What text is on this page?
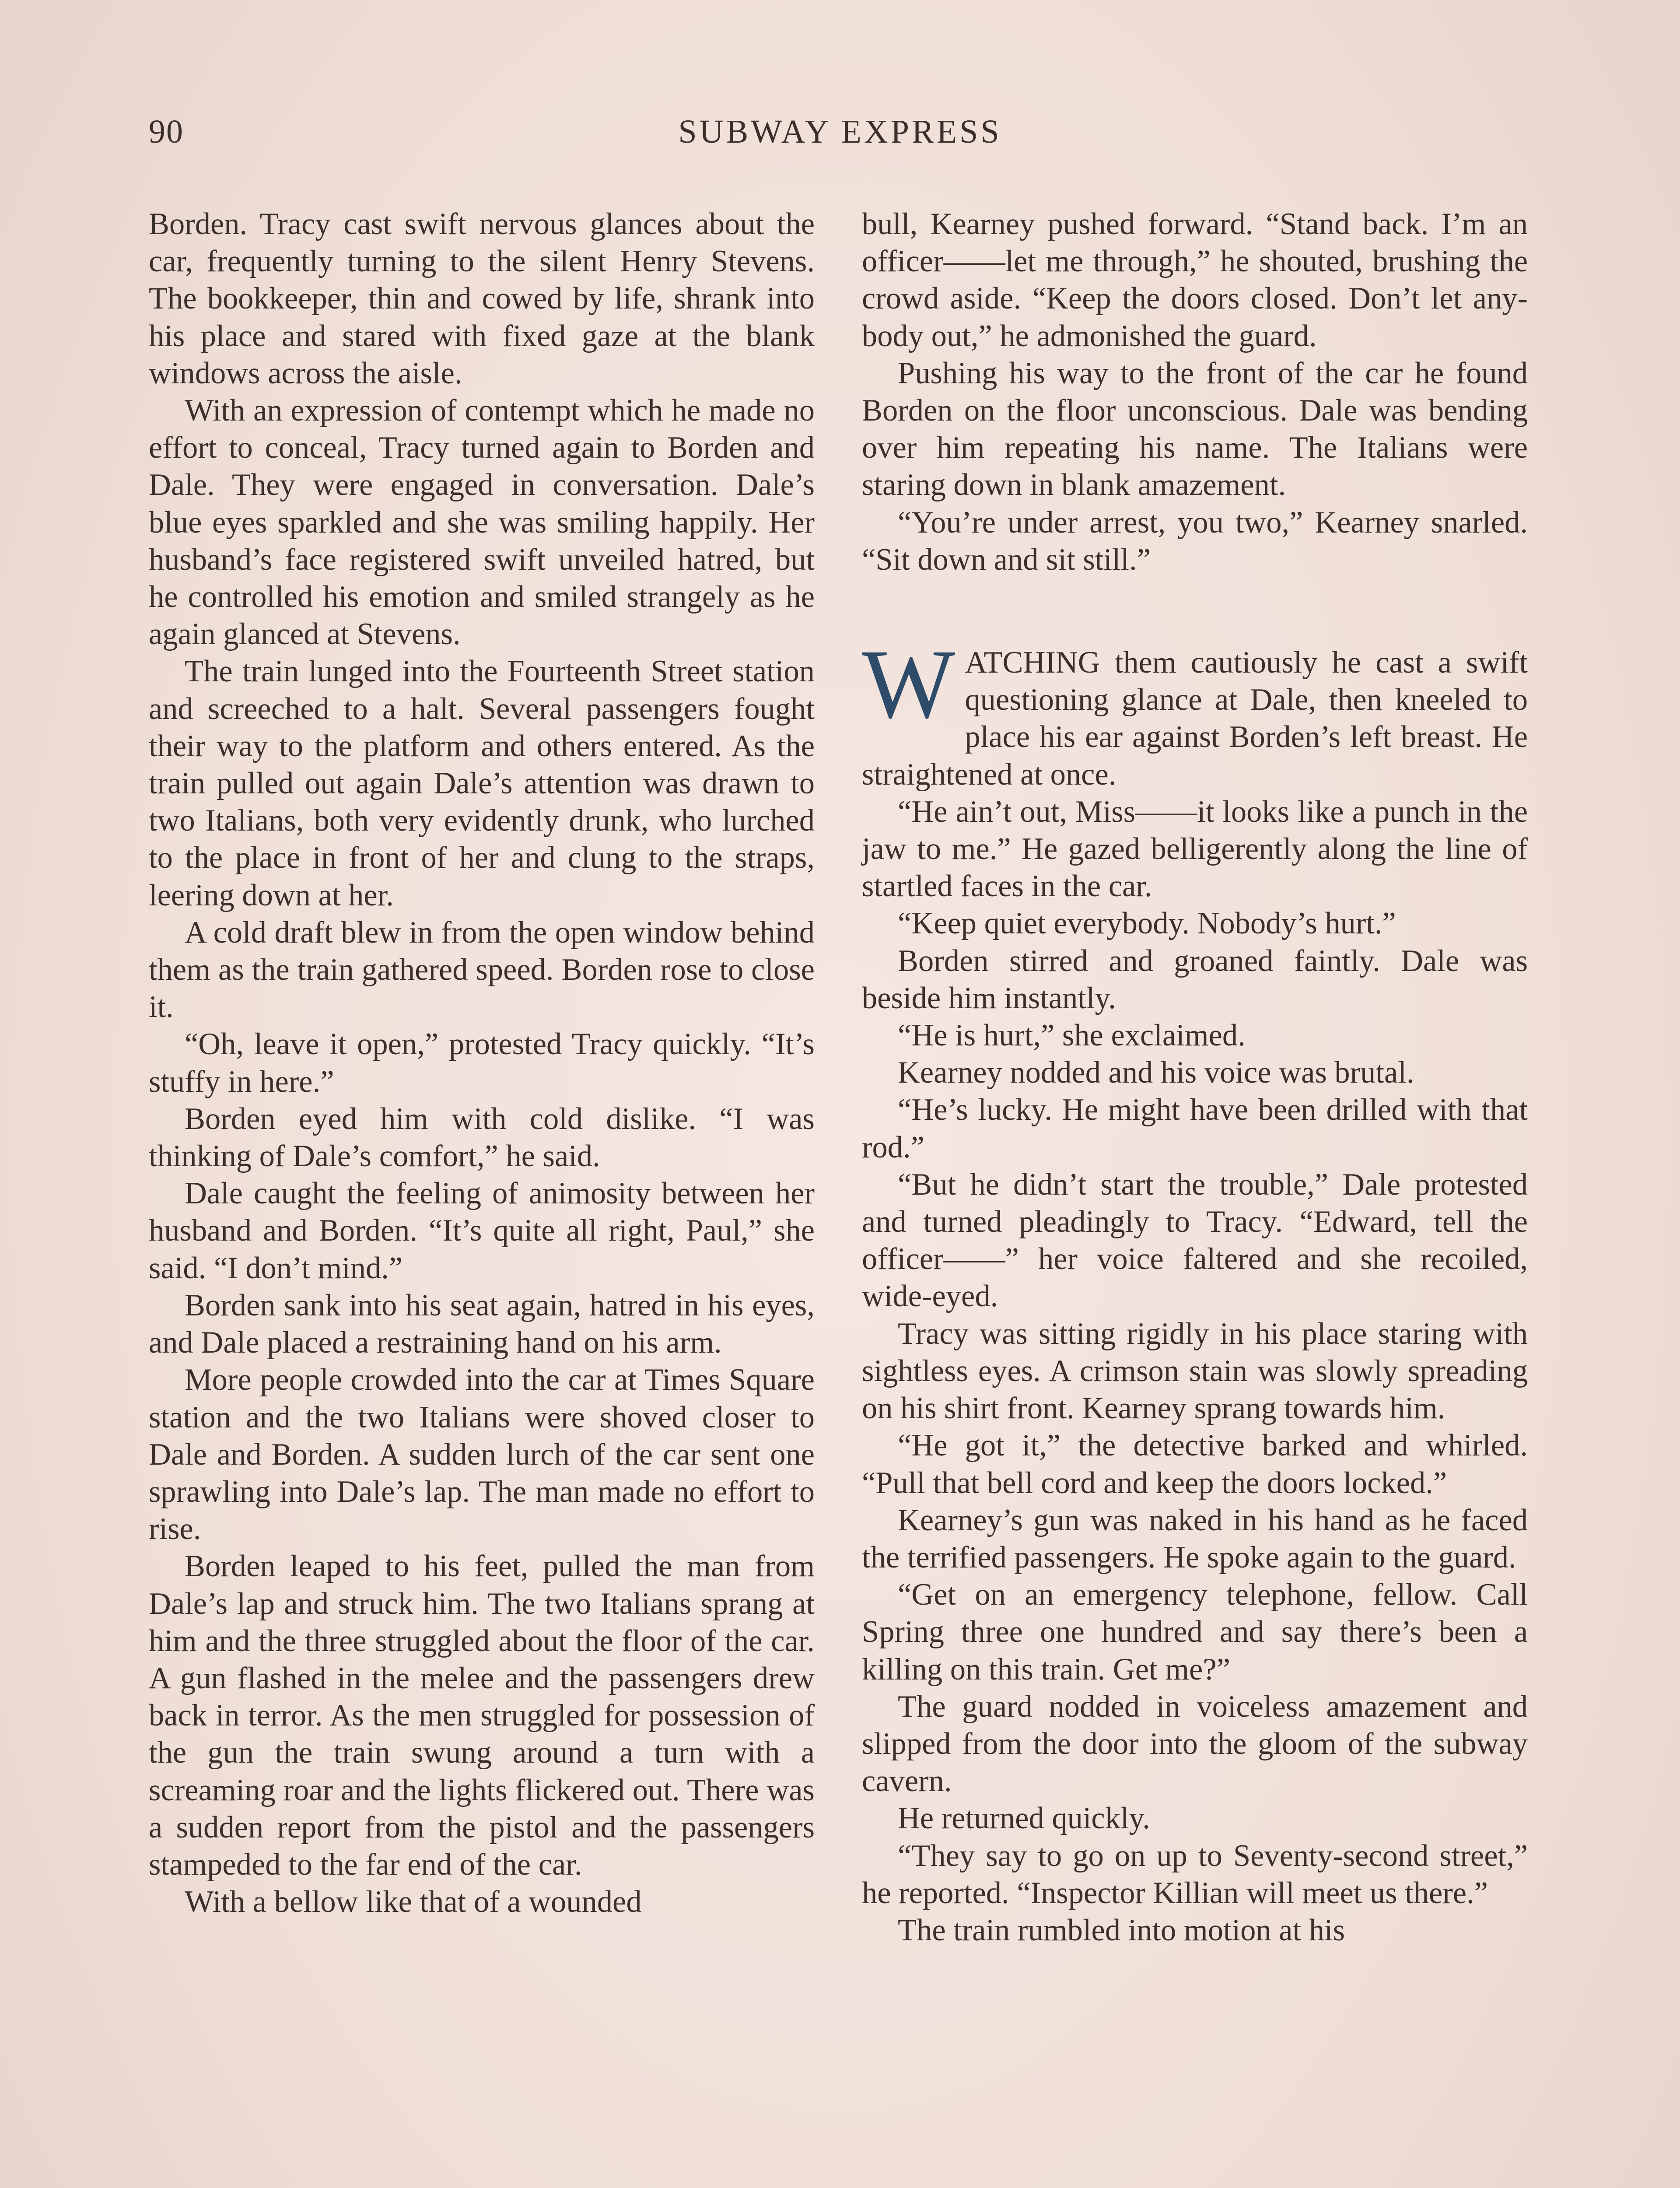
90	SUBWAY EXPRESS

Borden. Tracy cast swift nervous glances about the car, frequently turning to the silent Henry Stevens. The bookkeeper, thin and cowed by life, shrank into his place and stared with fixed gaze at the blank windows across the aisle.

With an expression of contempt which he made no effort to conceal, Tracy turned again to Borden and Dale. They were engaged in conversation. Dale’s blue eyes sparkled and she was smiling happily. Her husband’s face registered swift unveiled hatred, but he controlled his emotion and smiled strangely as he again glanced at Stevens.

The train lunged into the Fourteenth Street station and screeched to a halt. Several passengers fought their way to the platform and others entered. As the train pulled out again Dale’s attention was drawn to two Italians, both very evidently drunk, who lurched to the place in front of her and clung to the straps, leering down at her.

A cold draft blew in from the open window behind them as the train gathered speed. Borden rose to close it.

“Oh, leave it open,” protested Tracy quickly. “It’s stuffy in here.”

Borden eyed him with cold dislike. “I was thinking of Dale’s comfort,” he said.

Dale caught the feeling of animosity between her husband and Borden. “It’s quite all right, Paul,” she said. “I don’t mind.”

Borden sank into his seat again, hatred in his eyes, and Dale placed a restraining hand on his arm.

More people crowded into the car at Times Square station and the two Italians were shoved closer to Dale and Borden. A sudden lurch of the car sent one sprawling into Dale’s lap. The man made no effort to rise.

Borden leaped to his feet, pulled the man from Dale’s lap and struck him. The two Italians sprang at him and the three struggled about the floor of the car. A gun flashed in the melee and the passengers drew back in terror. As the men struggled for possession of the gun the train swung around a turn with a screaming roar and the lights flickered out. There was a sudden report from the pistol and the passengers stampeded to the far end of the car.

With a bellow like that of a wounded

bull, Kearney pushed forward. “Stand back. I’m an officer——let me through,” he shouted, brushing the crowd aside. “Keep the doors closed. Don’t let anybody out,” he admonished the guard.

Pushing his way to the front of the car he found Borden on the floor unconscious. Dale was bending over him repeating his name. The Italians were staring down in blank amazement.

“You’re under arrest, you two,” Kearney snarled. “Sit down and sit still.”

WATCHING them cautiously he cast a swift questioning glance at Dale, then kneeled to place his ear against Borden’s left breast. He straightened at once.

“He ain’t out, Miss——it looks like a punch in the jaw to me.” He gazed belligerently along the line of startled faces in the car.

“Keep quiet everybody. Nobody’s hurt.”

Borden stirred and groaned faintly. Dale was beside him instantly.

“He is hurt,” she exclaimed.

Kearney nodded and his voice was brutal.

“He’s lucky. He might have been drilled with that rod.”

“But he didn’t start the trouble,” Dale protested and turned pleadingly to Tracy. “Edward, tell the officer——” her voice faltered and she recoiled, wide-eyed.

Tracy was sitting rigidly in his place staring with sightless eyes. A crimson stain was slowly spreading on his shirt front. Kearney sprang towards him.

“He got it,” the detective barked and whirled. “Pull that bell cord and keep the doors locked.”

Kearney’s gun was naked in his hand as he faced the terrified passengers. He spoke again to the guard.

“Get on an emergency telephone, fellow. Call Spring three one hundred and say there’s been a killing on this train. Get me?”

The guard nodded in voiceless amazement and slipped from the door into the gloom of the subway cavern.

He returned quickly.

“They say to go on up to Seventy-second street,” he reported. “Inspector Killian will meet us there.”

The train rumbled into motion at his
